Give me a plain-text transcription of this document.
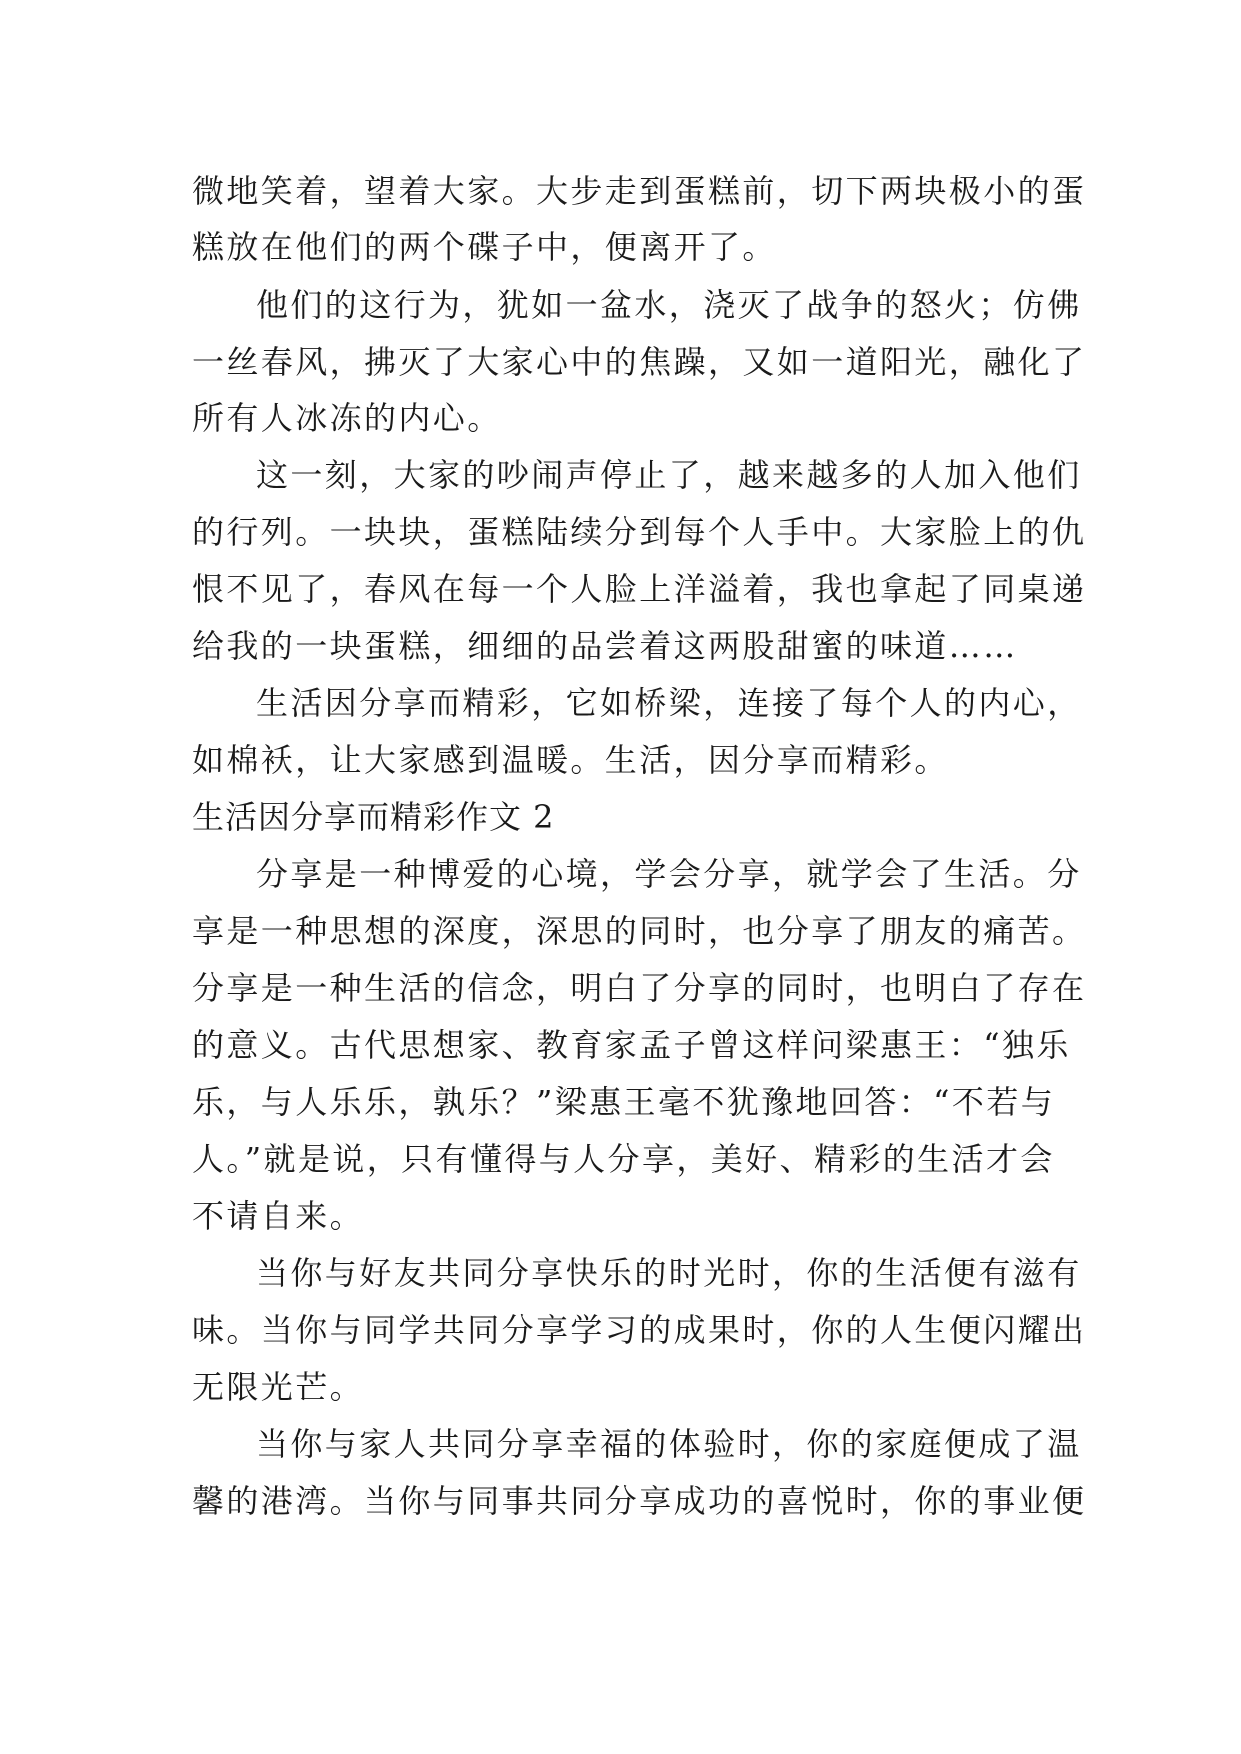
微地笑着，望着大家。大步走到蛋糕前，切下两块极小的蛋
糕放在他们的两个碟子中，便离开了。
他们的这行为，犹如一盆水，浇灭了战争的怒火；仿佛
一丝春风，拂灭了大家心中的焦躁，又如一道阳光，融化了
所有人冰冻的内心。
这一刻，大家的吵闹声停止了，越来越多的人加入他们
的行列。一块块，蛋糕陆续分到每个人手中。大家脸上的仇
恨不见了，春风在每一个人脸上洋溢着，我也拿起了同桌递
给我的一块蛋糕，细细的品尝着这两股甜蜜的味道……
生活因分享而精彩，它如桥梁，连接了每个人的内心，
如棉袄，让大家感到温暖。生活，因分享而精彩。
生活因分享而精彩作文 2
分享是一种博爱的心境，学会分享，就学会了生活。分
享是一种思想的深度，深思的同时，也分享了朋友的痛苦。
分享是一种生活的信念，明白了分享的同时，也明白了存在
的意义。古代思想家、教育家孟子曾这样问梁惠王：“独乐
乐，与人乐乐，孰乐？”梁惠王毫不犹豫地回答：“不若与
人。”就是说，只有懂得与人分享，美好、精彩的生活才会
不请自来。
当你与好友共同分享快乐的时光时，你的生活便有滋有
味。当你与同学共同分享学习的成果时，你的人生便闪耀出
无限光芒。
当你与家人共同分享幸福的体验时，你的家庭便成了温
馨的港湾。当你与同事共同分享成功的喜悦时，你的事业便
